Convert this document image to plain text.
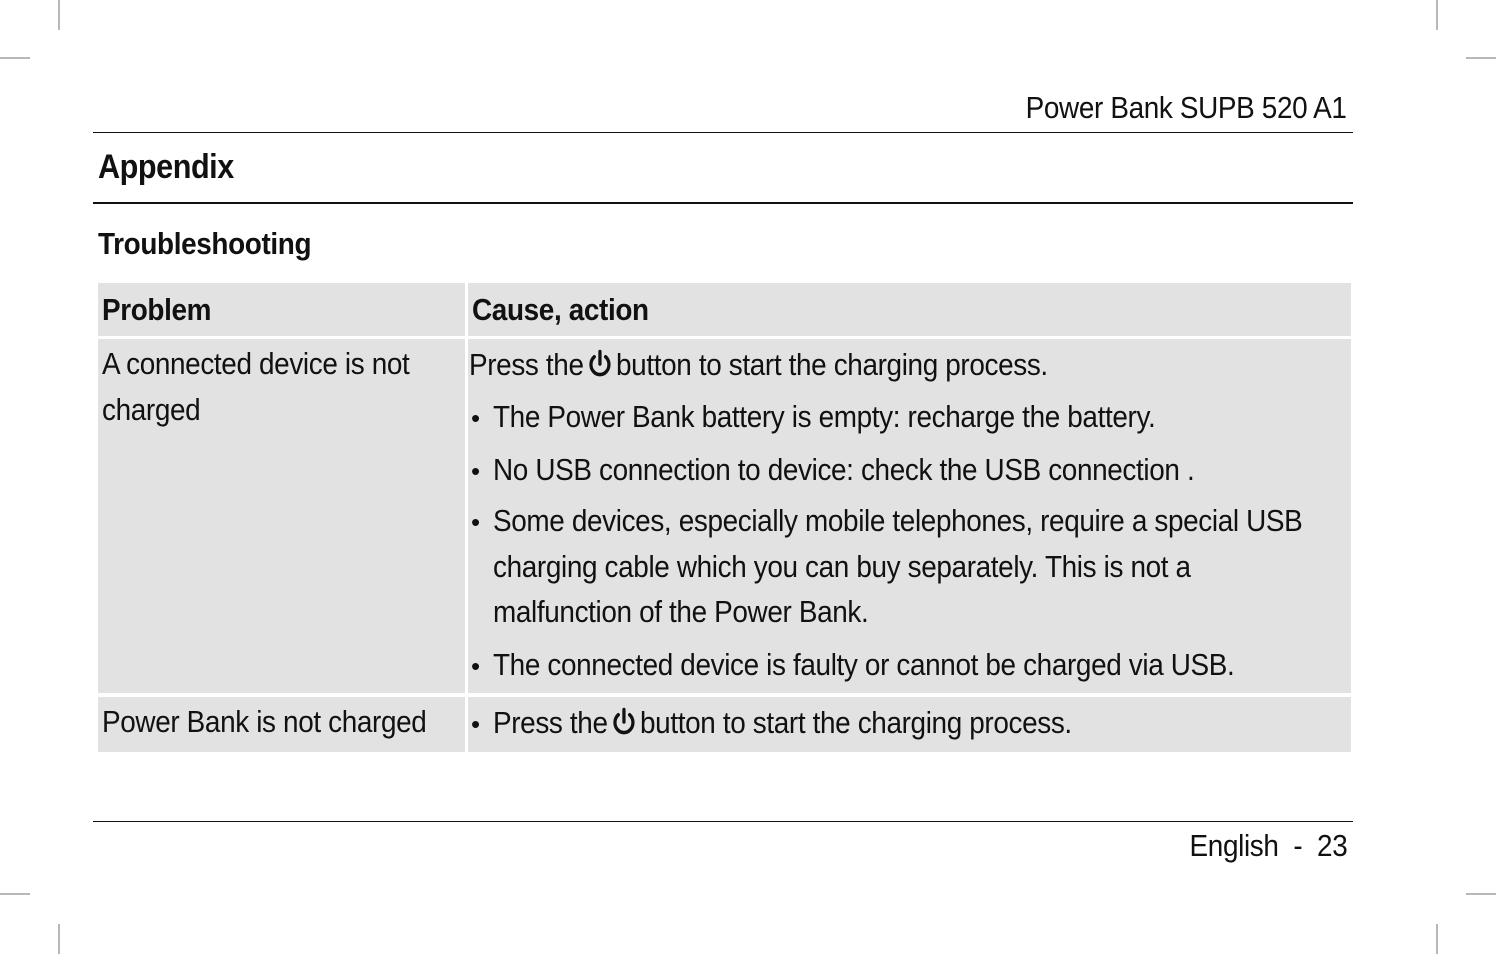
Power Bank SUPB 520 A1
Appendix
Troubleshooting
Problem	Cause, action
A connected device is not
charged
Press the button to start the charging process.
• The Power Bank battery is empty: recharge the battery.
• No USB connection to device: check the USB connection .
• Some devices, especially mobile telephones, require a special USB
charging cable which you can buy separately. This is not a
malfunction of the Power Bank.
• The connected device is faulty or cannot be charged via USB.
Power Bank is not charged • Press the button to start the charging process.
English - 23
